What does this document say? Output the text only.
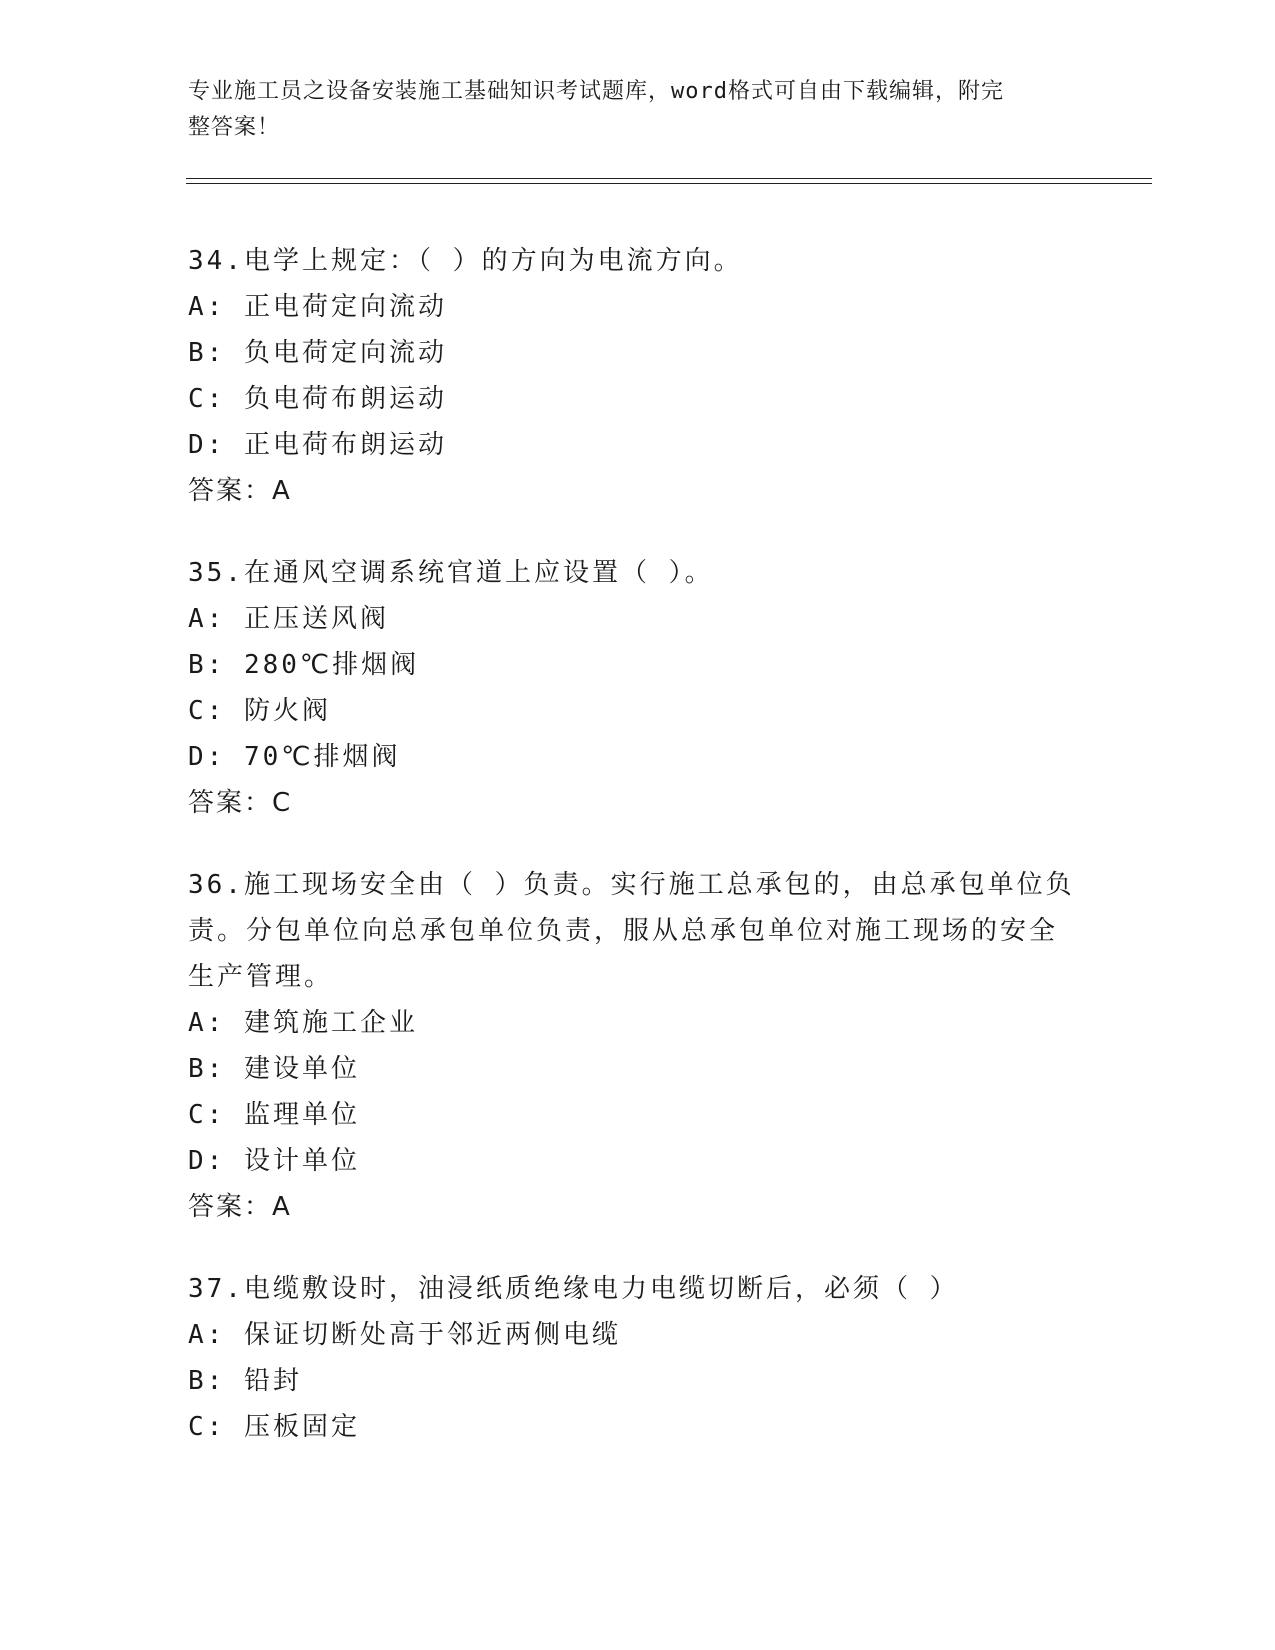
专业施工员之设备安装施工基础知识考试题库，word格式可自由下载编辑，附完
整答案！
34.电学上规定：（ ）的方向为电流方向。
A: 正电荷定向流动
B: 负电荷定向流动
C: 负电荷布朗运动
D: 正电荷布朗运动
答案：A
35.在通风空调系统官道上应设置（ ）。
A: 正压送风阀
B: 280℃排烟阀
C: 防火阀
D: 70℃排烟阀
答案：C
36.施工现场安全由（ ）负责。实行施工总承包的，由总承包单位负
责。分包单位向总承包单位负责，服从总承包单位对施工现场的安全
生产管理。
A: 建筑施工企业
B: 建设单位
C: 监理单位
D: 设计单位
答案：A
37.电缆敷设时，油浸纸质绝缘电力电缆切断后，必须（ ）
A: 保证切断处高于邻近两侧电缆
B: 铅封
C: 压板固定
